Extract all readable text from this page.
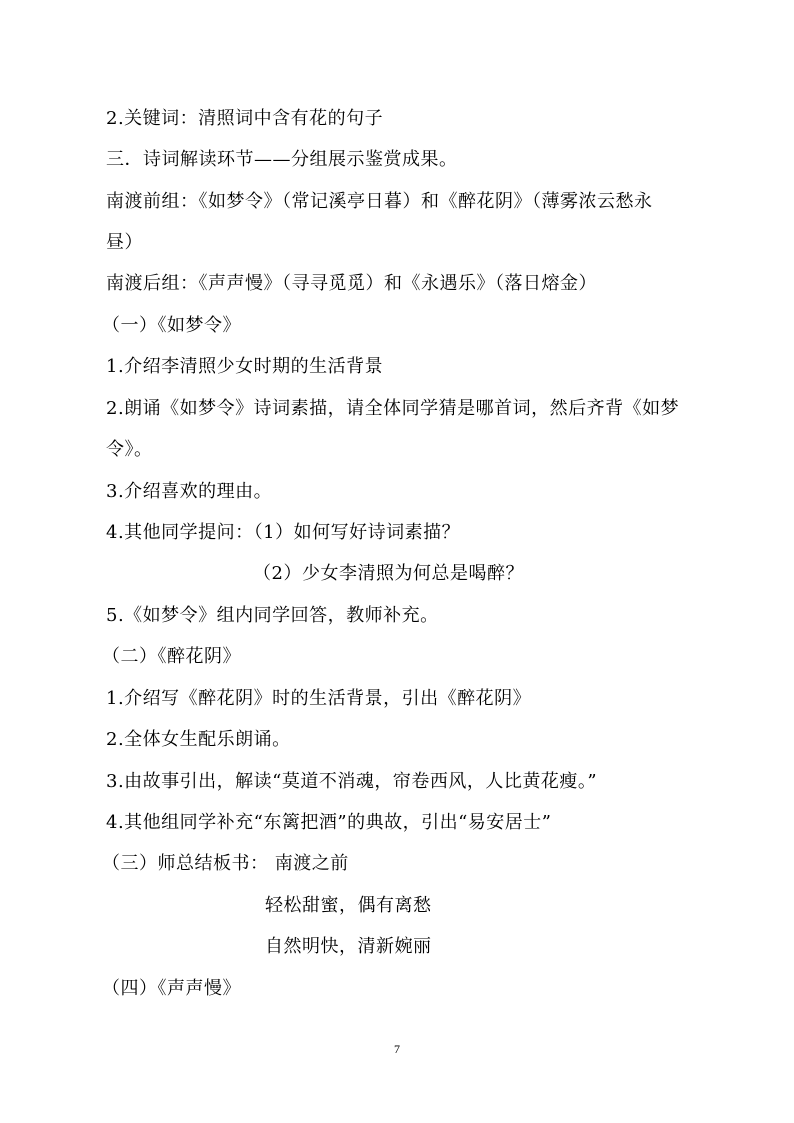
2.关键词：清照词中含有花的句子
三．诗词解读环节——分组展示鉴赏成果。
南渡前组：《如梦令》（常记溪亭日暮）和《醉花阴》（薄雾浓云愁永
昼）
南渡后组：《声声慢》（寻寻觅觅）和《永遇乐》（落日熔金）
（一）《如梦令》
1.介绍李清照少女时期的生活背景
2.朗诵《如梦令》诗词素描，请全体同学猜是哪首词，然后齐背《如梦
令》。
3.介绍喜欢的理由。
4.其他同学提问：（1）如何写好诗词素描？
（2）少女李清照为何总是喝醉？
5.《如梦令》组内同学回答，教师补充。
（二）《醉花阴》
1.介绍写《醉花阴》时的生活背景，引出《醉花阴》
2.全体女生配乐朗诵。
3.由故事引出，解读“莫道不消魂，帘卷西风，人比黄花瘦。”
4.其他组同学补充“东篱把酒”的典故，引出“易安居士”
（三）师总结板书： 南渡之前
轻松甜蜜，偶有离愁
自然明快，清新婉丽
（四）《声声慢》
7
